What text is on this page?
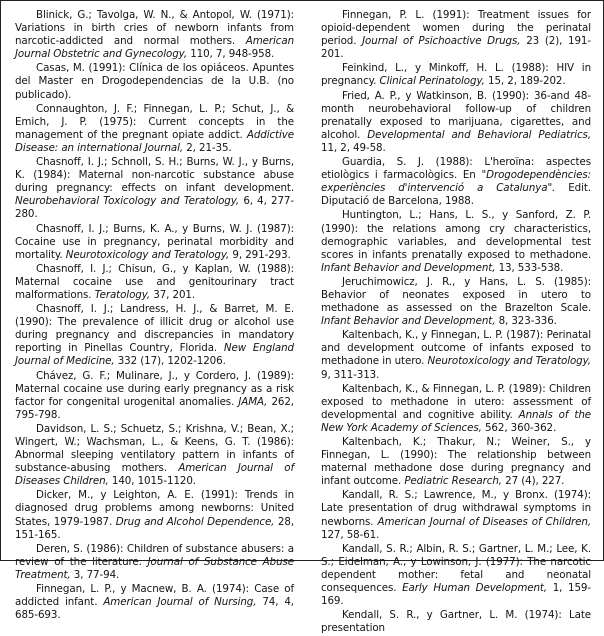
Blinick, G.; Tavolga, W. N., & Antopol, W. (1971): Variations in birth cries of newborn infants from narcotic-addicted and normal mothers. American Journal Obstetric and Gynecology, 110, 7, 948-958.

Casas, M. (1991): Clínica de los opiáceos. Apuntes del Master en Drogodependencias de la U.B. (no publicado).

Connaughton, J. F.; Finnegan, L. P.; Schut, J., & Emich, J. P. (1975): Current concepts in the management of the pregnant opiate addict. Addictive Disease: an international Journal, 2, 21-35.

Chasnoff, I. J.; Schnoll, S. H.; Burns, W. J., y Burns, K. (1984): Maternal non-narcotic substance abuse during pregnancy: effects on infant development. Neurobehavioral Toxicology and Teratology, 6, 4, 277-280.

Chasnoff, I. J.; Burns, K. A., y Burns, W. J. (1987): Cocaine use in pregnancy, perinatal morbidity and mortality. Neurotoxicology and Teratology, 9, 291-293.

Chasnoff, I. J.; Chisun, G., y Kaplan, W. (1988): Maternal cocaine use and genitourinary tract malformations. Teratology, 37, 201.

Chasnoff, I. J.; Landress, H. J., & Barret, M. E. (1990): The prevalence of illicit drug or alcohol use during pregnancy and discrepancies in mandatory reporting in Pinellas Country, Florida. New England Journal of Medicine, 332 (17), 1202-1206.

Chávez, G. F.; Mulinare, J., y Cordero, J. (1989): Maternal cocaine use during early pregnancy as a risk factor for congenital urogenital anomalies. JAMA, 262, 795-798.

Davidson, L. S.; Schuetz, S.; Krishna, V.; Bean, X.; Wingert, W.; Wachsman, L., & Keens, G. T. (1986): Abnormal sleeping ventilatory pattern in infants of substance-abusing mothers. American Journal of Diseases Children, 140, 1015-1120.

Dicker, M., y Leighton, A. E. (1991): Trends in diagnosed drug problems among newborns: United States, 1979-1987. Drug and Alcohol Dependence, 28, 151-165.

Deren, S. (1986): Children of substance abusers: a review of the literature. Journal of Substance Abuse Treatment, 3, 77-94.

Finnegan, L. P., y Macnew, B. A. (1974): Case of addicted infant. American Journal of Nursing, 74, 4, 685-693.

Finnegan, P. L. (1991): Treatment issues for opioid-dependent women during the perinatal period. Journal of Psichoactive Drugs, 23 (2), 191-201.

Feinkind, L., y Minkoff, H. L. (1988): HIV in pregnancy. Clinical Perinatology, 15, 2, 189-202.

Fried, A. P., y Watkinson, B. (1990): 36-and 48-month neurobehavioral follow-up of children prenatally exposed to marijuana, cigarettes, and alcohol. Developmental and Behavioral Pediatrics, 11, 2, 49-58.

Guardia, S. J. (1988): L'heroïna: aspectes etiològics i farmacològics. En "Drogodependències: experiències d'intervenció a Catalunya". Edit. Diputació de Barcelona, 1988.

Huntington, L.; Hans, L. S., y Sanford, Z. P. (1990): the relations among cry characteristics, demographic variables, and developmental test scores in infants prenatally exposed to methadone. Infant Behavior and Development, 13, 533-538.

Jeruchimowicz, J. R., y Hans, L. S. (1985): Behavior of neonates exposed in utero to methadone as assessed on the Brazelton Scale. Infant Behavior and Development, 8, 323-336.

Kaltenbach, K., y Finnegan, L. P. (1987): Perinatal and development outcome of infants exposed to methadone in utero. Neurotoxicology and Teratology, 9, 311-313.

Kaltenbach, K., & Finnegan, L. P. (1989): Children exposed to methadone in utero: assessment of developmental and cognitive ability. Annals of the New York Academy of Sciences, 562, 360-362.

Kaltenbach, K.; Thakur, N.; Weiner, S., y Finnegan, L. (1990): The relationship between maternal methadone dose during pregnancy and infant outcome. Pediatric Research, 27 (4), 227.

Kandall, R. S.; Lawrence, M., y Bronx. (1974): Late presentation of drug withdrawal symptoms in newborns. American Journal of Diseases of Children, 127, 58-61.

Kandall, S. R.; Albin, R. S.; Gartner, L. M.; Lee, K. S.; Eidelman, A., y Lowinson, J. (1977): The narcotic dependent mother: fetal and neonatal consequences. Early Human Development, 1, 159-169.

Kendall, S. R., y Gartner, L. M. (1974): Late presentation
